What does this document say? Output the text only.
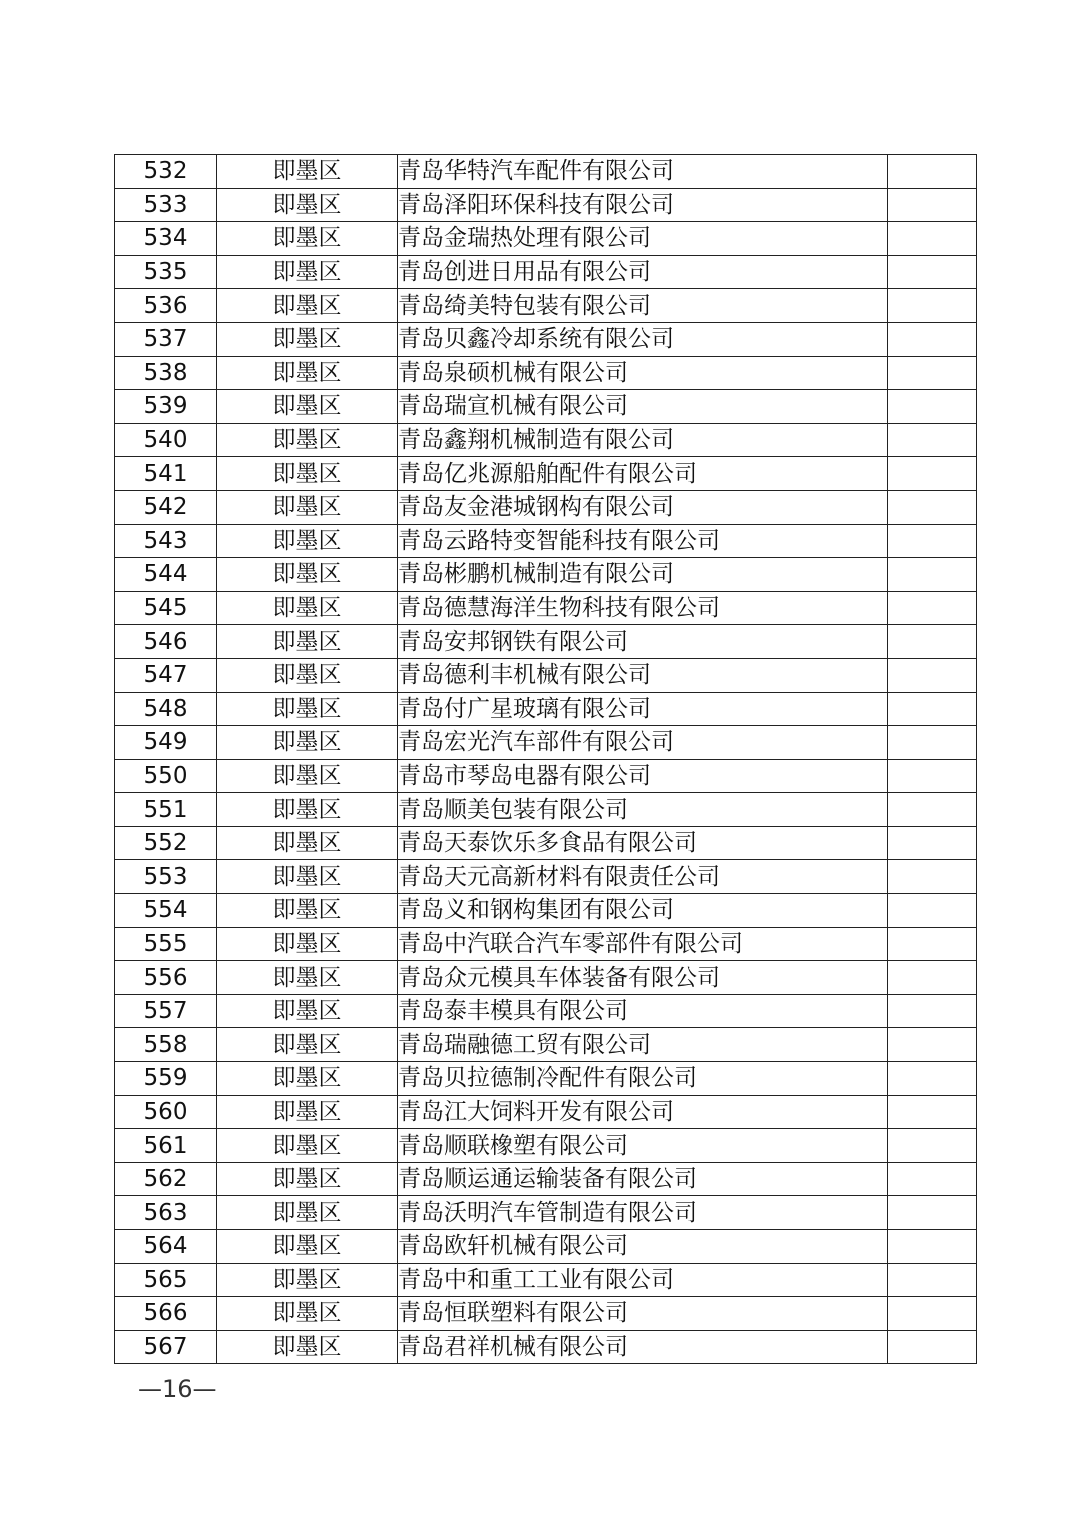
532	即墨区	青岛华特汽车配件有限公司	
533	即墨区	青岛泽阳环保科技有限公司	
534	即墨区	青岛金瑞热处理有限公司	
535	即墨区	青岛创进日用品有限公司	
536	即墨区	青岛绮美特包装有限公司	
537	即墨区	青岛贝鑫冷却系统有限公司	
538	即墨区	青岛泉硕机械有限公司	
539	即墨区	青岛瑞宣机械有限公司	
540	即墨区	青岛鑫翔机械制造有限公司	
541	即墨区	青岛亿兆源船舶配件有限公司	
542	即墨区	青岛友金港城钢构有限公司	
543	即墨区	青岛云路特变智能科技有限公司	
544	即墨区	青岛彬鹏机械制造有限公司	
545	即墨区	青岛德慧海洋生物科技有限公司	
546	即墨区	青岛安邦钢铁有限公司	
547	即墨区	青岛德利丰机械有限公司	
548	即墨区	青岛付广星玻璃有限公司	
549	即墨区	青岛宏光汽车部件有限公司	
550	即墨区	青岛市琴岛电器有限公司	
551	即墨区	青岛顺美包装有限公司	
552	即墨区	青岛天泰饮乐多食品有限公司	
553	即墨区	青岛天元高新材料有限责任公司	
554	即墨区	青岛义和钢构集团有限公司	
555	即墨区	青岛中汽联合汽车零部件有限公司	
556	即墨区	青岛众元模具车体装备有限公司	
557	即墨区	青岛泰丰模具有限公司	
558	即墨区	青岛瑞融德工贸有限公司	
559	即墨区	青岛贝拉德制冷配件有限公司	
560	即墨区	青岛江大饲料开发有限公司	
561	即墨区	青岛顺联橡塑有限公司	
562	即墨区	青岛顺运通运输装备有限公司	
563	即墨区	青岛沃明汽车管制造有限公司	
564	即墨区	青岛欧轩机械有限公司	
565	即墨区	青岛中和重工工业有限公司	
566	即墨区	青岛恒联塑料有限公司	
567	即墨区	青岛君祥机械有限公司	
—16—
